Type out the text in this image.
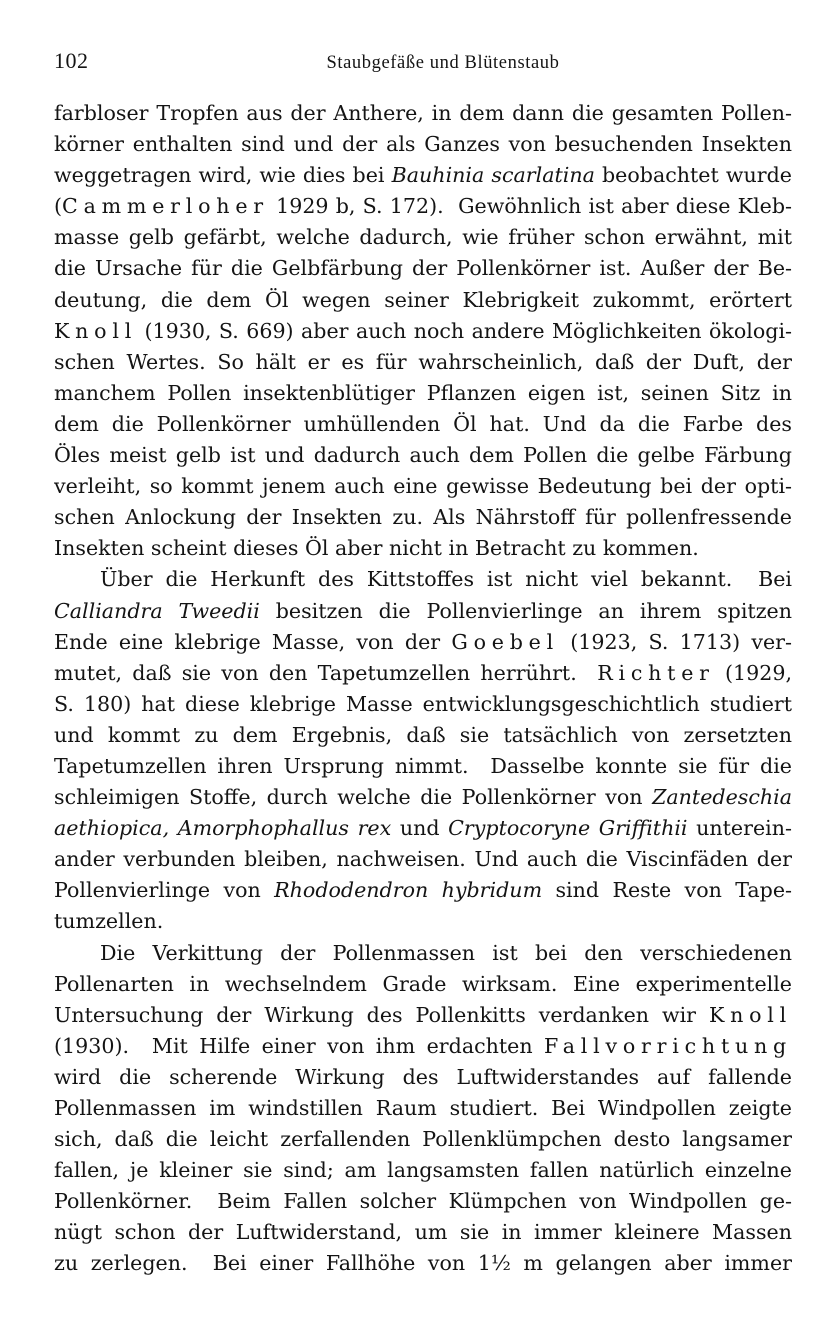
102	Staubgefäße und Blütenstaub
farbloser Tropfen aus der Anthere, in dem dann die gesamten Pollen-
körner enthalten sind und der als Ganzes von besuchenden Insekten
weggetragen wird, wie dies bei Bauhinia scarlatina beobachtet wurde
(Cammerloher 1929 b, S. 172).  Gewöhnlich ist aber diese Kleb-
masse gelb gefärbt, welche dadurch, wie früher schon erwähnt, mit
die Ursache für die Gelbfärbung der Pollenkörner ist. Außer der Be-
deutung, die dem Öl wegen seiner Klebrigkeit zukommt, erörtert
Knoll (1930, S. 669) aber auch noch andere Möglichkeiten ökologi-
schen Wertes. So hält er es für wahrscheinlich, daß der Duft, der
manchem Pollen insektenblütiger Pflanzen eigen ist, seinen Sitz in
dem die Pollenkörner umhüllenden Öl hat. Und da die Farbe des
Öles meist gelb ist und dadurch auch dem Pollen die gelbe Färbung
verleiht, so kommt jenem auch eine gewisse Bedeutung bei der opti-
schen Anlockung der Insekten zu. Als Nährstoff für pollenfressende
Insekten scheint dieses Öl aber nicht in Betracht zu kommen.
Über die Herkunft des Kittstoffes ist nicht viel bekannt.  Bei
Calliandra Tweedii besitzen die Pollenvierlinge an ihrem spitzen
Ende eine klebrige Masse, von der Goebel (1923, S. 1713) ver-
mutet, daß sie von den Tapetumzellen herrührt.  Richter (1929,
S. 180) hat diese klebrige Masse entwicklungsgeschichtlich studiert
und kommt zu dem Ergebnis, daß sie tatsächlich von zersetzten
Tapetumzellen ihren Ursprung nimmt.  Dasselbe konnte sie für die
schleimigen Stoffe, durch welche die Pollenkörner von Zantedeschia
aethiopica, Amorphophallus rex und Cryptocoryne Griffithii unterein-
ander verbunden bleiben, nachweisen. Und auch die Viscinfäden der
Pollenvierlinge von Rhododendron hybridum sind Reste von Tape-
tumzellen.
Die Verkittung der Pollenmassen ist bei den verschiedenen
Pollenarten in wechselndem Grade wirksam. Eine experimentelle
Untersuchung der Wirkung des Pollenkitts verdanken wir Knoll
(1930).  Mit Hilfe einer von ihm erdachten Fallvorrichtung
wird die scherende Wirkung des Luftwiderstandes auf fallende
Pollenmassen im windstillen Raum studiert. Bei Windpollen zeigte
sich, daß die leicht zerfallenden Pollenklümpchen desto langsamer
fallen, je kleiner sie sind; am langsamsten fallen natürlich einzelne
Pollenkörner.  Beim Fallen solcher Klümpchen von Windpollen ge-
nügt schon der Luftwiderstand, um sie in immer kleinere Massen
zu zerlegen.  Bei einer Fallhöhe von 1½ m gelangen aber immer
